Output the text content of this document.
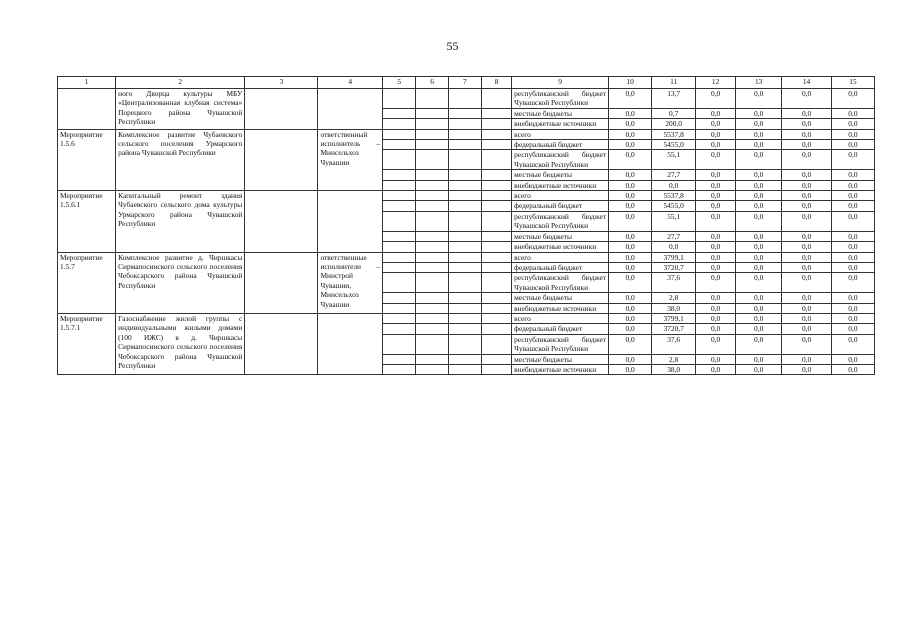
55
1	2	3	4	5	6	7	8	9	10	11	12	13	14	15
	ного Дворца культуры МБУ «Централизованная клубная система» Порецкого района Чувашской Республики							республиканский бюджет Чувашской Республики	0,0	13,7	0,0	0,0	0,0	0,0
								местные бюджеты	0,0	0,7	0,0	0,0	0,0	0,0
								внебюджетные источники	0,0	200,0	0,0	0,0	0,0	0,0
Мероприятие 1.5.6	Комплексное развитие Чубаевского сельского поселения Урмарского района Чувашской Республики		ответственный исполнитель – Минсельхоз Чувашии					всего	0,0	5537,8	0,0	0,0	0,0	0,0
								федеральный бюджет	0,0	5455,0	0,0	0,0	0,0	0,0
								республиканский бюджет Чувашской Республики	0,0	55,1	0,0	0,0	0,0	0,0
								местные бюджеты	0,0	27,7	0,0	0,0	0,0	0,0
								внебюджетные источники	0,0	0,0	0,0	0,0	0,0	0,0
Мероприятие 1.5.6.1	Капитальный ремонт здания Чубаевского сельского дома культуры Урмарского района Чувашской Республики							всего	0,0	5537,8	0,0	0,0	0,0	0,0
								федеральный бюджет	0,0	5455,0	0,0	0,0	0,0	0,0
								республиканский бюджет Чувашской Республики	0,0	55,1	0,0	0,0	0,0	0,0
								местные бюджеты	0,0	27,7	0,0	0,0	0,0	0,0
								внебюджетные источники	0,0	0,0	0,0	0,0	0,0	0,0
Мероприятие 1.5.7	Комплексное развитие д. Чиршкасы Сирмапосинского сельского поселения Чебоксарского района Чувашской Республики		ответственные исполнители – Минстрой Чувашии, Минсельхоз Чувашии					всего	0,0	3799,1	0,0	0,0	0,0	0,0
								федеральный бюджет	0,0	3720,7	0,0	0,0	0,0	0,0
								республиканский бюджет Чувашской Республики	0,0	37,6	0,0	0,0	0,0	0,0
								местные бюджеты	0,0	2,8	0,0	0,0	0,0	0,0
								внебюджетные источники	0,0	38,0	0,0	0,0	0,0	0,0
Мероприятие 1.5.7.1	Газоснабжение жилой группы с индивидуальными жилыми домами (100 ИЖС) в д. Чиршкасы Сирмапосинского сельского поселения Чебоксарского района Чувашской Республики							всего	0,0	3799,1	0,0	0,0	0,0	0,0
								федеральный бюджет	0,0	3720,7	0,0	0,0	0,0	0,0
								республиканский бюджет Чувашской Республики	0,0	37,6	0,0	0,0	0,0	0,0
								местные бюджеты	0,0	2,8	0,0	0,0	0,0	0,0
								внебюджетные источники	0,0	38,0	0,0	0,0	0,0	0,0
